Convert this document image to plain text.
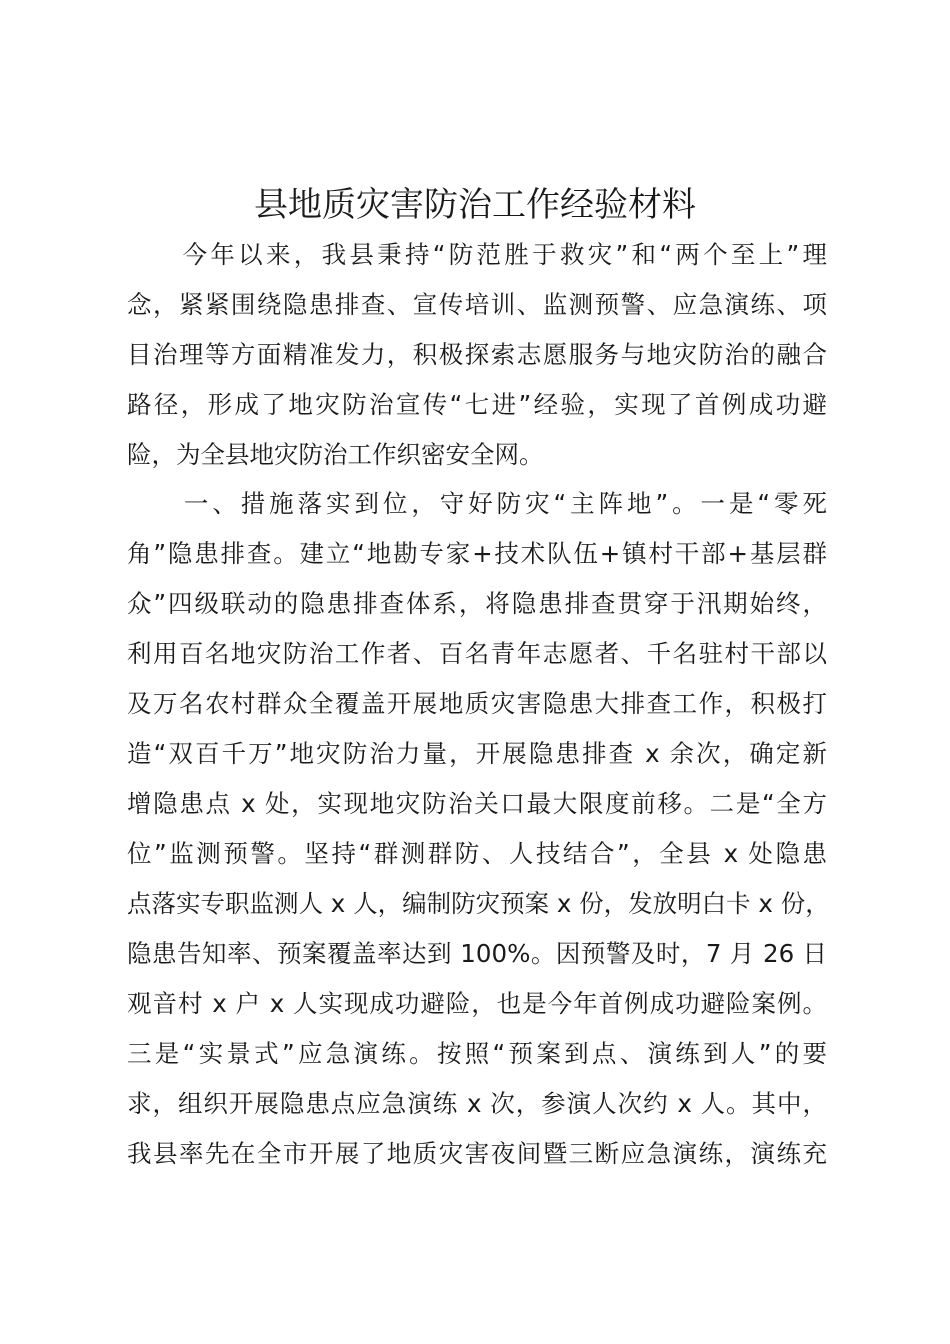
县地质灾害防治工作经验材料
　　今年以来，我县秉持“防范胜于救灾”和“两个至上”理
念，紧紧围绕隐患排查、宣传培训、监测预警、应急演练、项
目治理等方面精准发力，积极探索志愿服务与地灾防治的融合
路径，形成了地灾防治宣传“七进”经验，实现了首例成功避
险，为全县地灾防治工作织密安全网。
　　一、措施落实到位，守好防灾“主阵地”。一是“零死
角”隐患排查。建立“地勘专家+技术队伍+镇村干部+基层群
众”四级联动的隐患排查体系，将隐患排查贯穿于汛期始终，
利用百名地灾防治工作者、百名青年志愿者、千名驻村干部以
及万名农村群众全覆盖开展地质灾害隐患大排查工作，积极打
造“双百千万”地灾防治力量，开展隐患排查 x 余次，确定新
增隐患点 x 处，实现地灾防治关口最大限度前移。二是“全方
位”监测预警。坚持“群测群防、人技结合”，全县 x 处隐患
点落实专职监测人 x 人，编制防灾预案 x 份，发放明白卡 x 份，
隐患告知率、预案覆盖率达到 100%。因预警及时，7 月 26 日
观音村 x 户 x 人实现成功避险，也是今年首例成功避险案例。
三是“实景式”应急演练。按照“预案到点、演练到人”的要
求，组织开展隐患点应急演练 x 次，参演人次约 x 人。其中，
我县率先在全市开展了地质灾害夜间暨三断应急演练，演练充
